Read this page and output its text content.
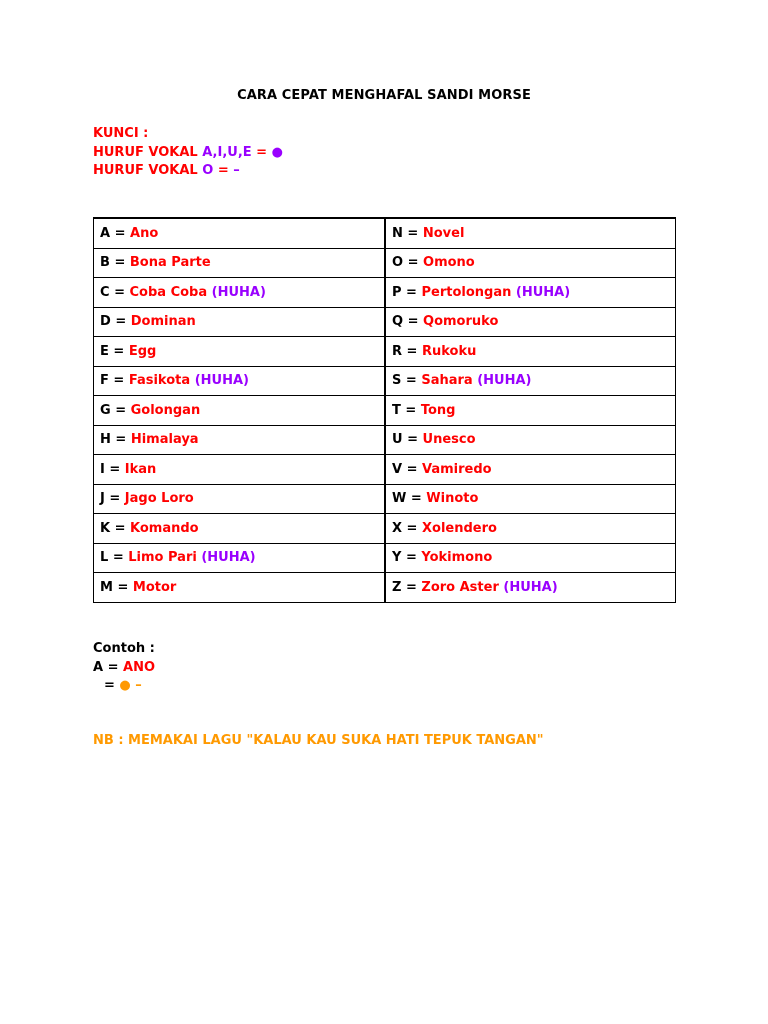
CARA CEPAT MENGHAFAL SANDI MORSE
KUNCI :
HURUF VOKAL A,I,U,E = ●
HURUF VOKAL O = –
A = Ano	N = Novel
B = Bona Parte	O = Omono
C = Coba Coba (HUHA)	P = Pertolongan (HUHA)
D = Dominan	Q = Qomoruko
E = Egg	R = Rukoku
F = Fasikota (HUHA)	S = Sahara (HUHA)
G = Golongan	T = Tong
H = Himalaya	U = Unesco
I = Ikan	V = Vamiredo
J = Jago Loro	W = Winoto
K = Komando	X = Xolendero
L = Limo Pari (HUHA)	Y = Yokimono
M = Motor	Z = Zoro Aster (HUHA)
Contoh :
A = ANO
= ● –
NB : MEMAKAI LAGU "KALAU KAU SUKA HATI TEPUK TANGAN"
